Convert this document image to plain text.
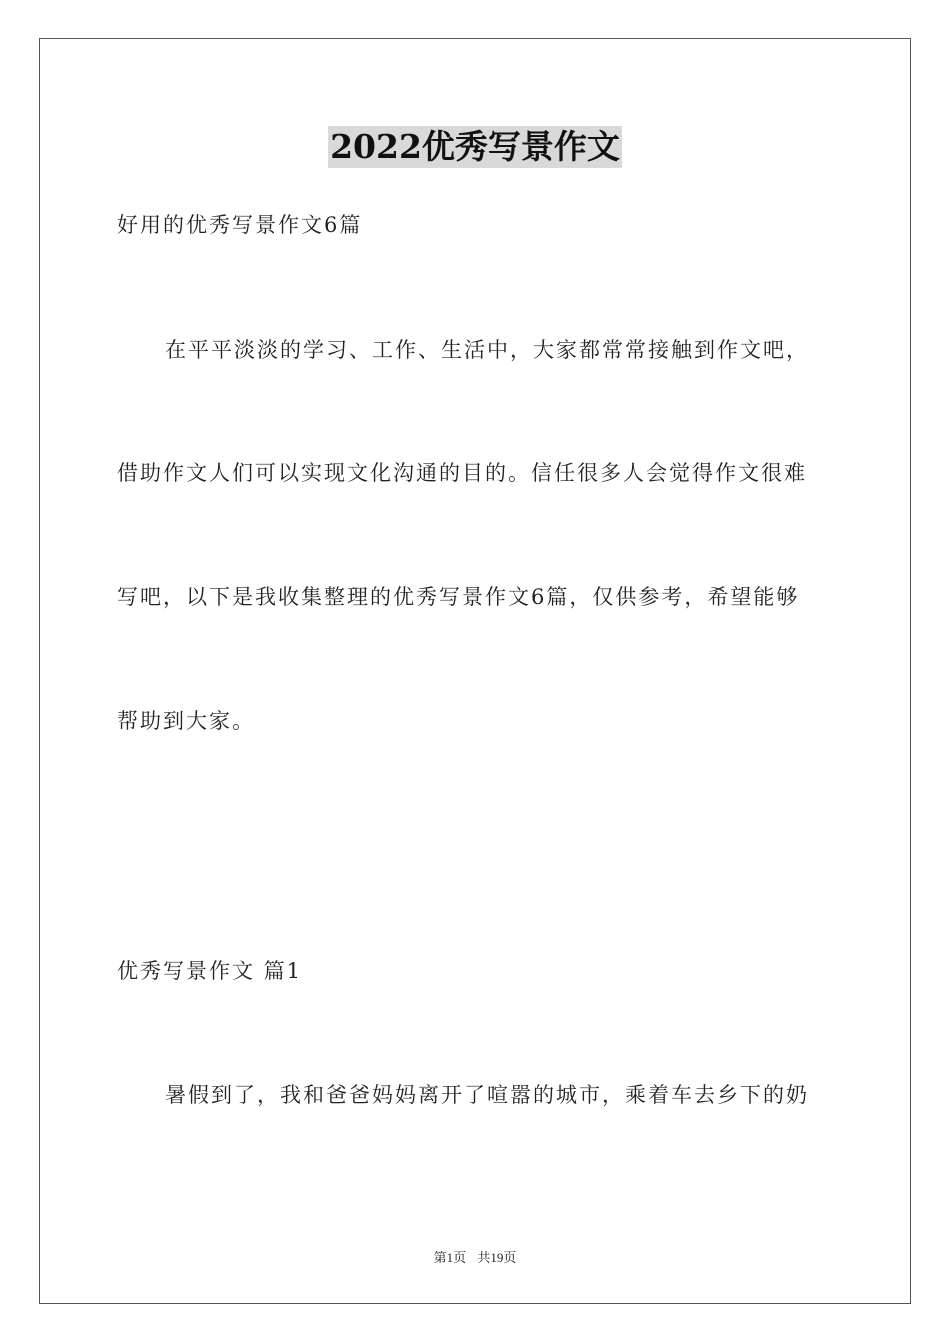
2022优秀写景作文
好用的优秀写景作文6篇
在平平淡淡的学习、工作、生活中，大家都常常接触到作文吧，
借助作文人们可以实现文化沟通的目的。信任很多人会觉得作文很难
写吧，以下是我收集整理的优秀写景作文6篇，仅供参考，希望能够
帮助到大家。
优秀写景作文 篇1
暑假到了，我和爸爸妈妈离开了喧嚣的城市，乘着车去乡下的奶
第1页 共19页
